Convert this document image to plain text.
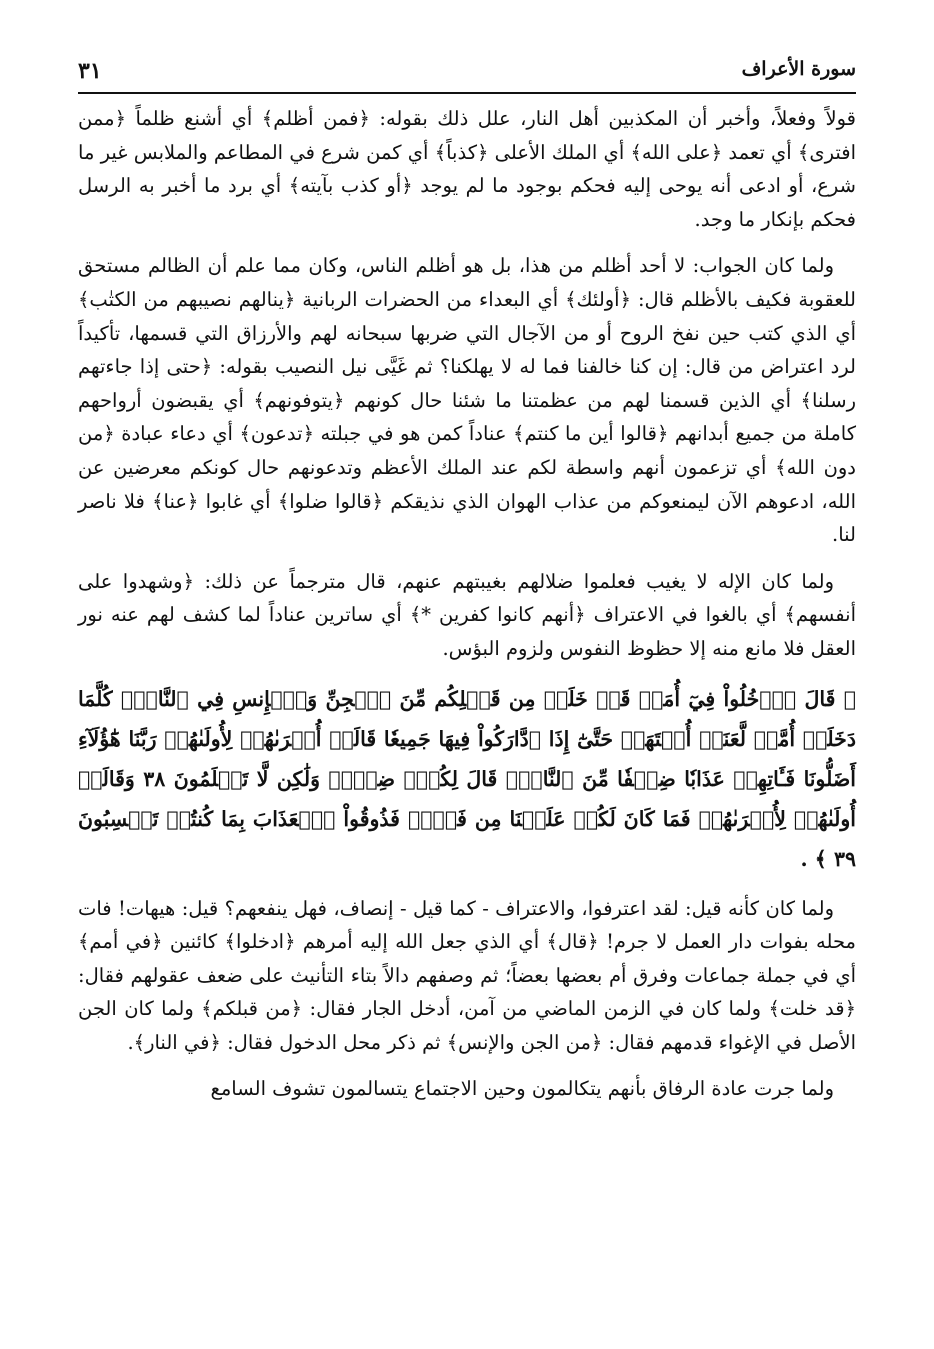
سورة الأعراف
٣١

قولاً وفعلاً، وأخبر أن المكذبين أهل النار، علل ذلك بقوله: ﴿فمن أظلم﴾ أي أشنع ظلماً ﴿ممن افترى﴾ أي تعمد ﴿على الله﴾ أي الملك الأعلى ﴿كذباً﴾ أي كمن شرع في المطاعم والملابس غير ما شرع، أو ادعى أنه يوحى إليه فحكم بوجود ما لم يوجد ﴿أو كذب بآيته﴾ أي برد ما أخبر به الرسل فحكم بإنكار ما وجد.

ولما كان الجواب: لا أحد أظلم من هذا، بل هو أظلم الناس، وكان مما علم أن الظالم مستحق للعقوبة فكيف بالأظلم قال: ﴿أولئك﴾ أي البعداء من الحضرات الربانية ﴿ينالهم نصيبهم من الكتٰب﴾ أي الذي كتب حين نفخ الروح أو من الآجال التي ضربها سبحانه لهم والأرزاق التي قسمها، تأكيداً لرد اعتراض من قال: إن كنا خالفنا فما له لا يهلكنا؟ ثم غَيَّى نيل النصيب بقوله: ﴿حتى إذا جاءتهم رسلنا﴾ أي الذين قسمنا لهم من عظمتنا ما شئنا حال كونهم ﴿يتوفونهم﴾ أي يقبضون أرواحهم كاملة من جميع أبدانهم ﴿قالوا أين ما كنتم﴾ عناداً كمن هو في جبلته ﴿تدعون﴾ أي دعاء عبادة ﴿من دون الله﴾ أي تزعمون أنهم واسطة لكم عند الملك الأعظم وتدعونهم حال كونكم معرضين عن الله، ادعوهم الآن ليمنعوكم من عذاب الهوان الذي نذيقكم ﴿قالوا ضلوا﴾ أي غابوا ﴿عنا﴾ فلا ناصر لنا.

ولما كان الإله لا يغيب فعلموا ضلالهم بغيبتهم عنهم، قال مترجماً عن ذلك: ﴿وشهدوا على أنفسهم﴾ أي بالغوا في الاعتراف ﴿أنهم كانوا كفرين *﴾ أي ساترين عناداً لما كشف لهم عنه نور العقل فلا مانع منه إلا حظوظ النفوس ولزوم البؤس.

﴿ قَالَ ٱدۡخُلُواْ فِيٓ أُمَمٖ قَدۡ خَلَتۡ مِن قَبۡلِكُم مِّنَ ٱلۡجِنِّ وَٱلۡإِنسِ فِي ٱلنَّارِۖ كُلَّمَا دَخَلَتۡ أُمَّةٞ لَّعَنَتۡ أُخۡتَهَاۖ حَتَّىٰٓ إِذَا ٱدَّارَكُواْ فِيهَا جَمِيعٗا قَالَتۡ أُخۡرَىٰهُمۡ لِأُولَىٰهُمۡ رَبَّنَا هَٰٓؤُلَآءِ أَضَلُّونَا فَـَٔاتِهِمۡ عَذَابٗا ضِعۡفٗا مِّنَ ٱلنَّارِۖ قَالَ لِكُلّٖ ضِعۡفٞ وَلَٰكِن لَّا تَعۡلَمُونَ ٣٨ وَقَالَتۡ أُولَىٰهُمۡ لِأُخۡرَىٰهُمۡ فَمَا كَانَ لَكُمۡ عَلَيۡنَا مِن فَضۡلٖ فَذُوقُواْ ٱلۡعَذَابَ بِمَا كُنتُمۡ تَكۡسِبُونَ ٣٩ ﴾ .

ولما كان كأنه قيل: لقد اعترفوا، والاعتراف - كما قيل - إنصاف، فهل ينفعهم؟ قيل: هيهات! فات محله بفوات دار العمل لا جرم! ﴿قال﴾ أي الذي جعل الله إليه أمرهم ﴿ادخلوا﴾ كائنين ﴿في أمم﴾ أي في جملة جماعات وفرق أم بعضها بعضاً؛ ثم وصفهم دالاً بتاء التأنيث على ضعف عقولهم فقال: ﴿قد خلت﴾ ولما كان في الزمن الماضي من آمن، أدخل الجار فقال: ﴿من قبلكم﴾ ولما كان الجن الأصل في الإغواء قدمهم فقال: ﴿من الجن والإنس﴾ ثم ذكر محل الدخول فقال: ﴿في النار﴾.

ولما جرت عادة الرفاق بأنهم يتكالمون وحين الاجتماع يتسالمون تشوف السامع
